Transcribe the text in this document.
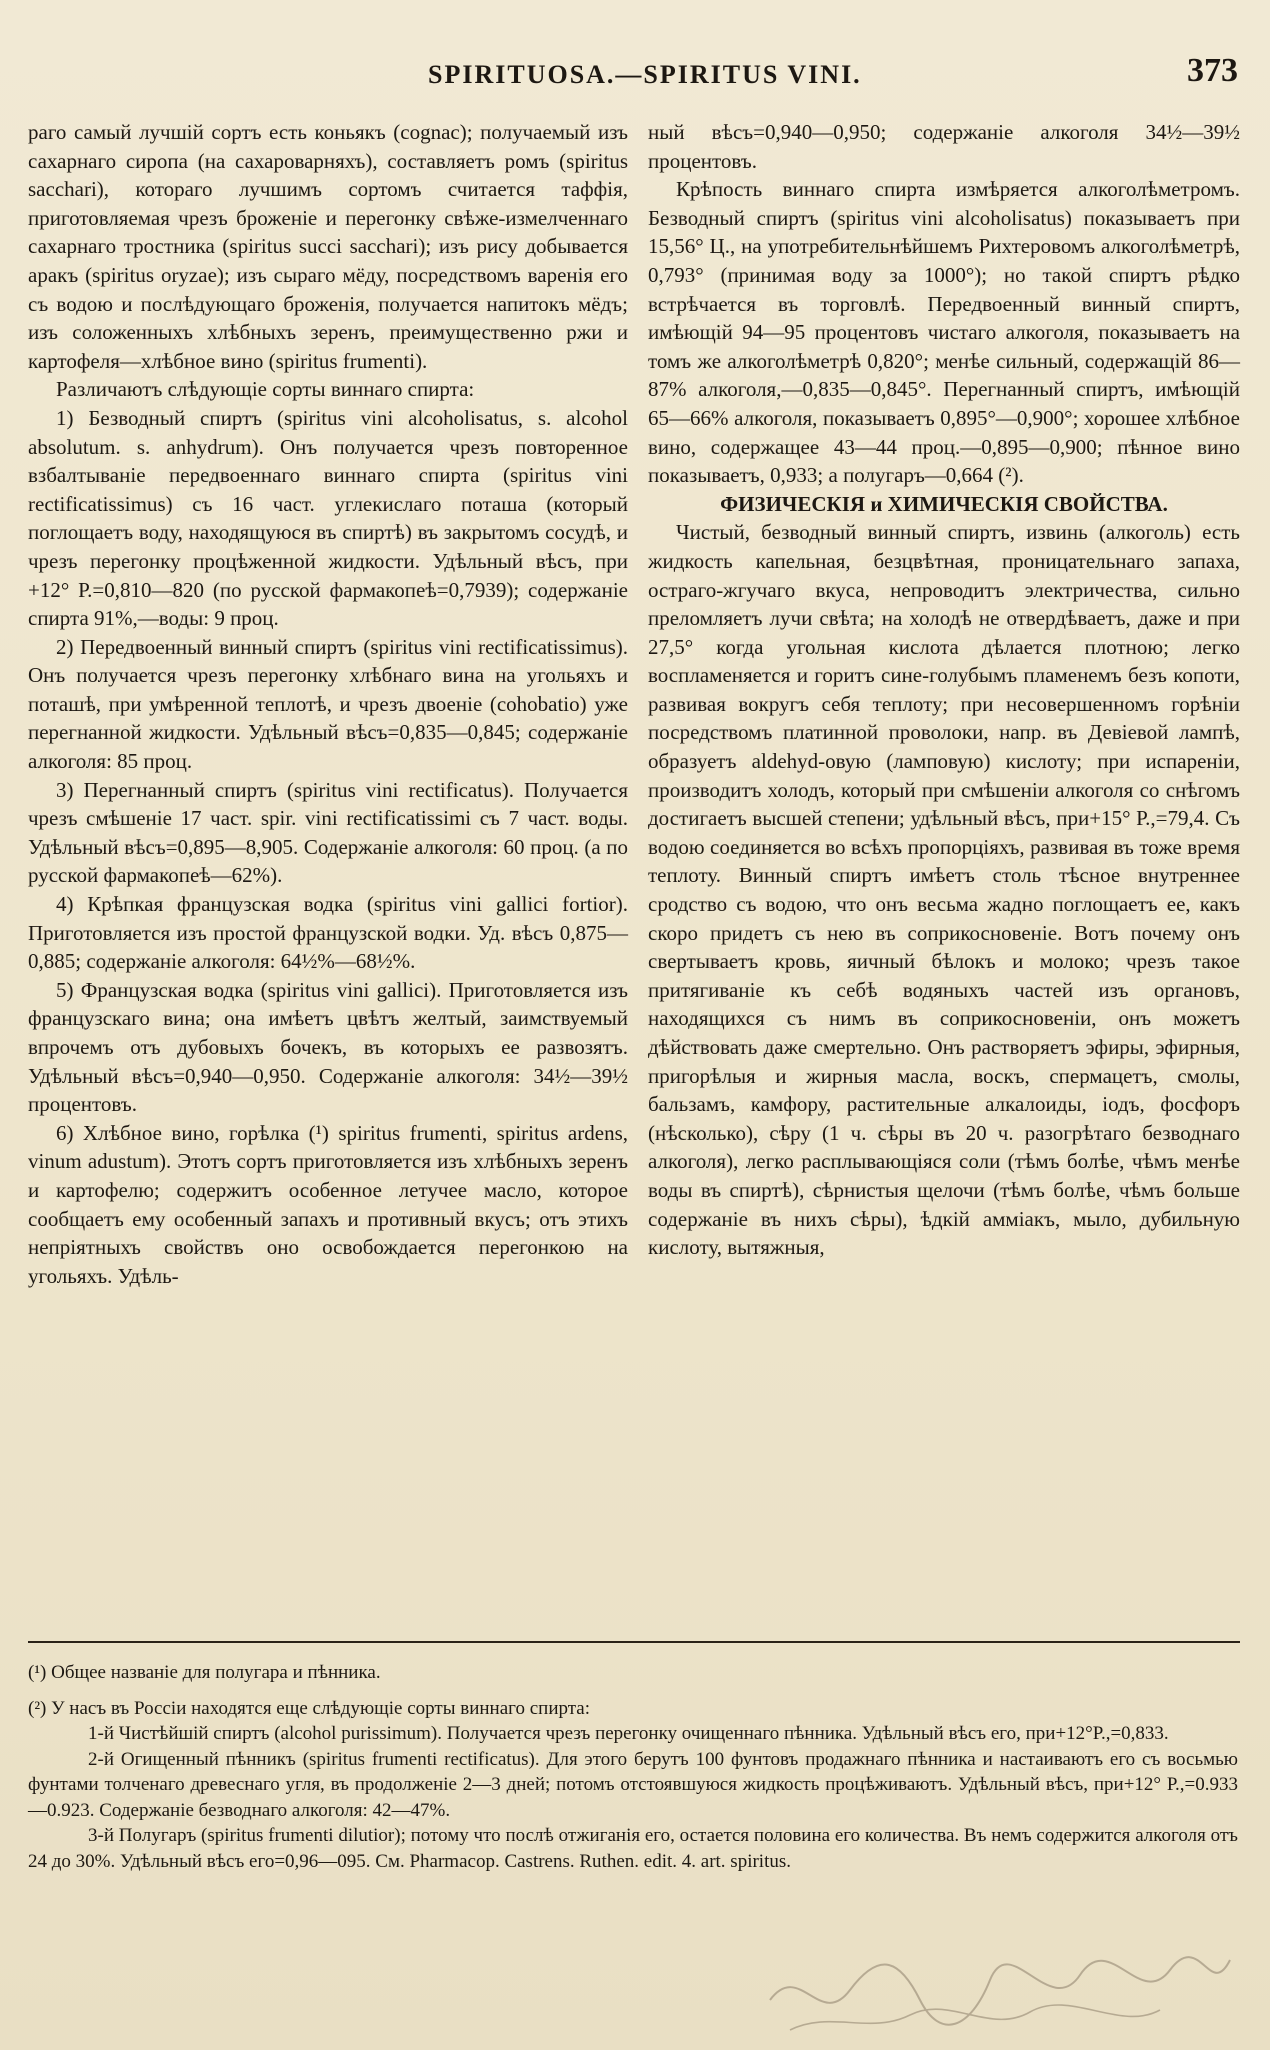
SPIRITUOSA.—SPIRITUS VINI.	373

раго самый лучшій сортъ есть коньякъ (cognac); получаемый изъ сахарнаго сиропа (на сахароварняхъ), составляетъ ромъ (spiritus sacchari), котораго лучшимъ сортомъ считается таффія, приготовляемая чрезъ броженіе и перегонку свѣже-измелченнаго сахарнаго тростника (spiritus succi sacchari); изъ рису добывается аракъ (spiritus oryzae); изъ сыраго мёду, посредствомъ варенія его съ водою и послѣдующаго броженія, получается напитокъ мёдъ; изъ соложенныхъ хлѣбныхъ зеренъ, преимущественно ржи и картофеля—хлѣбное вино (spiritus frumenti).

Различаютъ слѣдующіе сорты виннаго спирта:

1) Безводный спиртъ (spiritus vini alcoholisatus, s. alcohol absolutum. s. anhydrum). Онъ получается чрезъ повторенное взбалтываніе передвоеннаго виннаго спирта (spiritus vini rectificatissimus) съ 16 част. углекислаго поташа (который поглощаетъ воду, находящуюся въ спиртѣ) въ закрытомъ сосудѣ, и чрезъ перегонку процѣженной жидкости. Удѣльный вѣсъ, при +12° Р.=0,810—820 (по русской фармакопеѣ=0,7939); содержаніе спирта 91%,—воды: 9 проц.

2) Передвоенный винный спиртъ (spiritus vini rectificatissimus). Онъ получается чрезъ перегонку хлѣбнаго вина на угольяхъ и поташѣ, при умѣренной теплотѣ, и чрезъ двоеніе (cohobatio) уже перегнанной жидкости. Удѣльный вѣсъ=0,835—0,845; содержаніе алкоголя: 85 проц.

3) Перегнанный спиртъ (spiritus vini rectificatus). Получается чрезъ смѣшеніе 17 част. spir. vini rectificatissimi съ 7 част. воды. Удѣльный вѣсъ=0,895—8,905. Содержаніе алкоголя: 60 проц. (а по русской фармакопеѣ—62%).

4) Крѣпкая французская водка (spiritus vini gallici fortior). Приготовляется изъ простой французской водки. Уд. вѣсъ 0,875—0,885; содержаніе алкоголя: 64½%—68½%.

5) Французская водка (spiritus vini gallici). Приготовляется изъ французскаго вина; она имѣетъ цвѣтъ желтый, заимствуемый впрочемъ отъ дубовыхъ бочекъ, въ которыхъ ее развозятъ. Удѣльный вѣсъ=0,940—0,950. Содержаніе алкоголя: 34½—39½ процентовъ.

6) Хлѣбное вино, горѣлка (¹) spiritus frumenti, spiritus ardens, vinum adustum). Этотъ сортъ приготовляется изъ хлѣбныхъ зеренъ и картофелю; содержитъ особенное летучее масло, которое сообщаетъ ему особенный запахъ и противный вкусъ; отъ этихъ непріятныхъ свойствъ оно освобождается перегонкою на угольяхъ. Удѣль-

ный вѣсъ=0,940—0,950; содержаніе алкоголя 34½—39½ процентовъ.

Крѣпость виннаго спирта измѣряется алкоголѣметромъ. Безводный спиртъ (spiritus vini alcoholisatus) показываетъ при 15,56° Ц., на употребительнѣйшемъ Рихтеровомъ алкоголѣметрѣ, 0,793° (принимая воду за 1000°); но такой спиртъ рѣдко встрѣчается въ торговлѣ. Передвоенный винный спиртъ, имѣющій 94—95 процентовъ чистаго алкоголя, показываетъ на томъ же алкоголѣметрѣ 0,820°; менѣе сильный, содержащій 86—87% алкоголя,—0,835—0,845°. Перегнанный спиртъ, имѣющій 65—66% алкоголя, показываетъ 0,895°—0,900°; хорошее хлѣбное вино, содержащее 43—44 проц.—0,895—0,900; пѣнное вино показываетъ, 0,933; а полугаръ—0,664 (²).

ФИЗИЧЕСКІЯ и ХИМИЧЕСКІЯ СВОЙСТВА.

Чистый, безводный винный спиртъ, извинь (алкоголь) есть жидкость капельная, безцвѣтная, проницательнаго запаха, остраго-жгучаго вкуса, непроводитъ электричества, сильно преломляетъ лучи свѣта; на холодѣ не отвердѣваетъ, даже и при 27,5° когда угольная кислота дѣлается плотною; легко воспламеняется и горитъ синe-голубымъ пламенемъ безъ копоти, развивая вокругъ себя теплоту; при несовершенномъ горѣніи посредствомъ платинной проволоки, напр. въ Девіевой лампѣ, образуетъ aldehyd-овую (ламповую) кислоту; при испареніи, производитъ холодъ, который при смѣшеніи алкоголя со снѣгомъ достигаетъ высшей степени; удѣльный вѣсъ, при+15° Р.,=79,4. Съ водою соединяется во всѣхъ пропорціяхъ, развивая въ тоже время теплоту. Винный спиртъ имѣетъ столь тѣсное внутреннее сродство съ водою, что онъ весьма жадно поглощаетъ ее, какъ скоро придетъ съ нею въ соприкосновеніе. Вотъ почему онъ свертываетъ кровь, яичный бѣлокъ и молоко; чрезъ такое притягиваніе къ себѣ водяныхъ частей изъ органовъ, находящихся съ нимъ въ соприкосновеніи, онъ можетъ дѣйствовать даже смертельно. Онъ растворяетъ эфиры, эфирныя, пригорѣлыя и жирныя масла, воскъ, спермацетъ, смолы, бальзамъ, камфору, растительные алкалоиды, іодъ, фосфоръ (нѣсколько), сѣру (1 ч. сѣры въ 20 ч. разогрѣтаго безводнаго алкоголя), легко расплывающіяся соли (тѣмъ болѣе, чѣмъ менѣе воды въ спиртѣ), сѣрнистыя щелочи (тѣмъ болѣе, чѣмъ больше содержаніе въ нихъ сѣры), ѣдкій аммiакъ, мыло, дубильную кислоту, вытяжныя,

(¹) Общее названіе для полугара и пѣнника.

(²) У насъ въ Россіи находятся еще слѣдующіе сорты виннаго спирта:

1-й Чистѣйшій спиртъ (alcohol purissimum). Получается чрезъ перегонку очищеннаго пѣнника. Удѣльный вѣсъ его, при+12°Р.,=0,833.

2-й Огищенный пѣнникъ (spiritus frumenti rectificatus). Для этого берутъ 100 фунтовъ продажнаго пѣнника и настаиваютъ его съ восьмью фунтами толченаго древеснаго угля, въ продолженіе 2—3 дней; потомъ отстоявшуюся жидкость процѣживаютъ. Удѣльный вѣсъ, при+12° Р.,=0.933—0.923. Содержаніе безводнаго алкоголя: 42—47%.

3-й Полугаръ (spiritus frumenti dilutior); потому что послѣ отжиганія его, остается половина его количества. Въ немъ содержится алкоголя отъ 24 до 30%. Удѣльный вѣсъ его=0,96—095. См. Pharmacop. Castrens. Ruthen. edit. 4. art. spiritus.
